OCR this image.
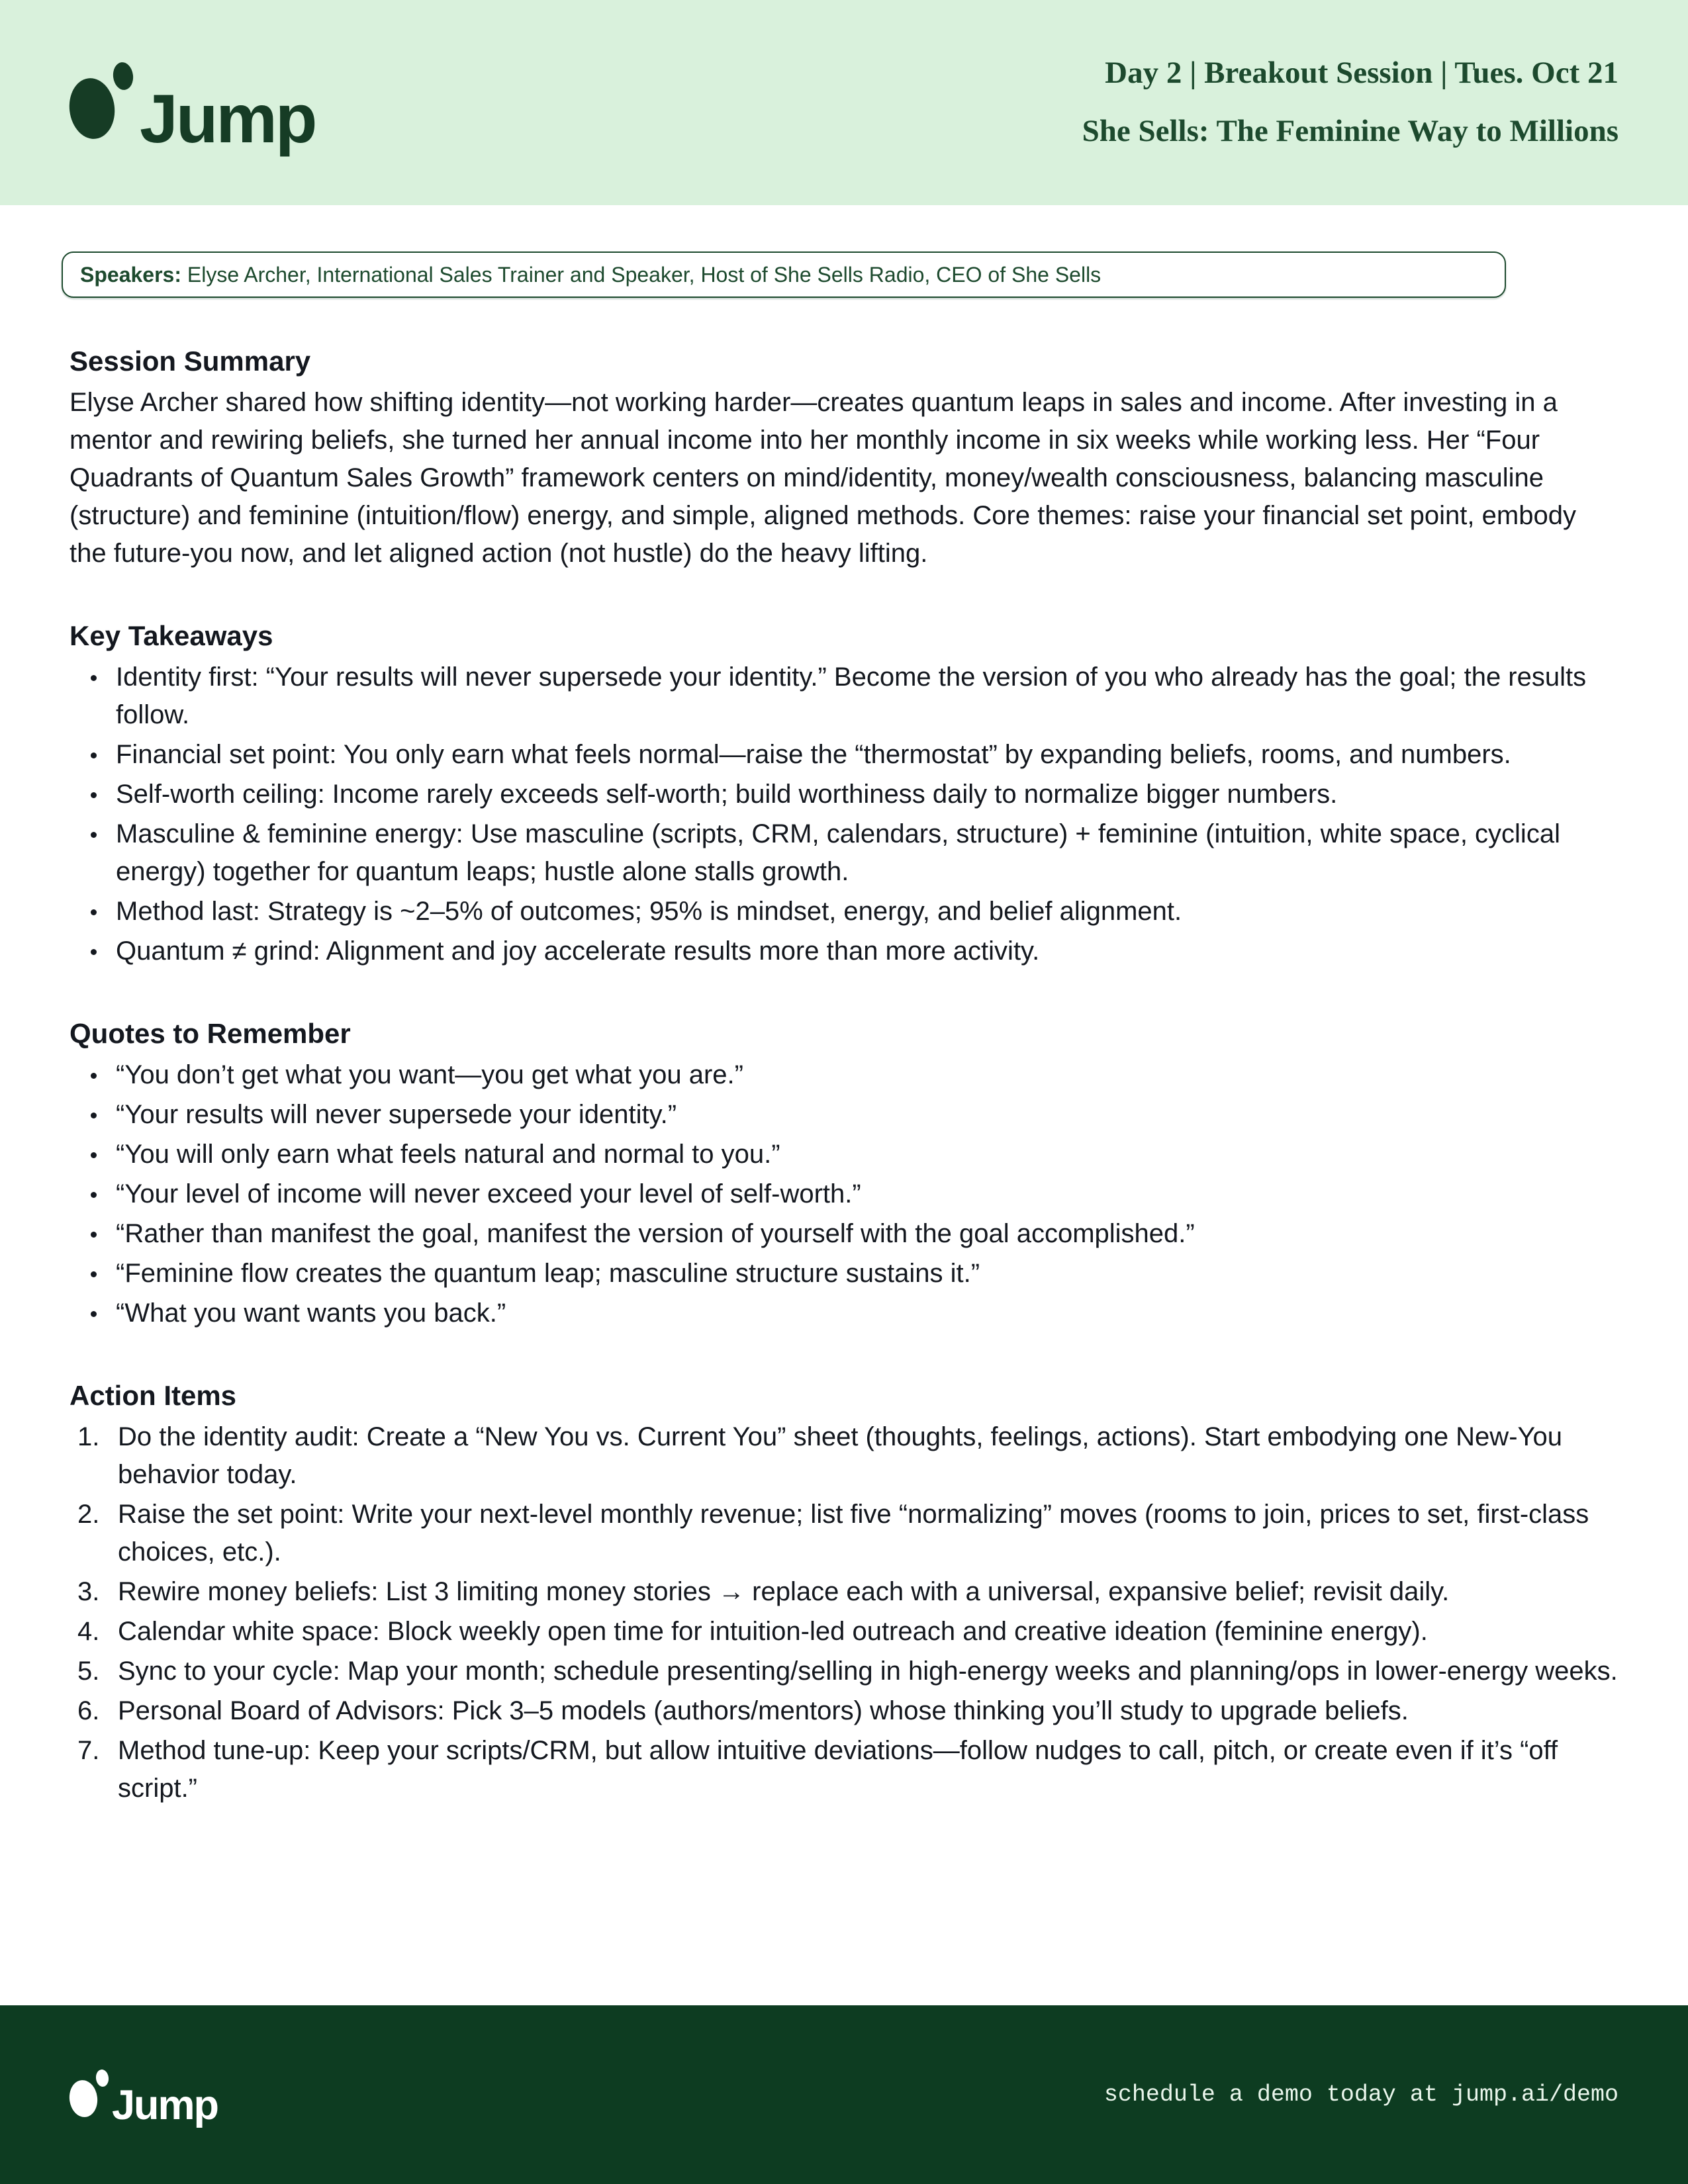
Jump
Day 2 | Breakout Session | Tues. Oct 21
She Sells: The Feminine Way to Millions
Speakers: Elyse Archer, International Sales Trainer and Speaker, Host of She Sells Radio, CEO of She Sells
Session Summary
Elyse Archer shared how shifting identity—not working harder—creates quantum leaps in sales and income. After investing in a mentor and rewiring beliefs, she turned her annual income into her monthly income in six weeks while working less. Her “Four Quadrants of Quantum Sales Growth” framework centers on mind/identity, money/wealth consciousness, balancing masculine (structure) and feminine (intuition/flow) energy, and simple, aligned methods. Core themes: raise your financial set point, embody the future-you now, and let aligned action (not hustle) do the heavy lifting.
Key Takeaways
Identity first: “Your results will never supersede your identity.” Become the version of you who already has the goal; the results follow.
Financial set point: You only earn what feels normal—raise the “thermostat” by expanding beliefs, rooms, and numbers.
Self-worth ceiling: Income rarely exceeds self-worth; build worthiness daily to normalize bigger numbers.
Masculine & feminine energy: Use masculine (scripts, CRM, calendars, structure) + feminine (intuition, white space, cyclical energy) together for quantum leaps; hustle alone stalls growth.
Method last: Strategy is ~2–5% of outcomes; 95% is mindset, energy, and belief alignment.
Quantum ≠ grind: Alignment and joy accelerate results more than more activity.
Quotes to Remember
“You don’t get what you want—you get what you are.”
“Your results will never supersede your identity.”
“You will only earn what feels natural and normal to you.”
“Your level of income will never exceed your level of self-worth.”
“Rather than manifest the goal, manifest the version of yourself with the goal accomplished.”
“Feminine flow creates the quantum leap; masculine structure sustains it.”
“What you want wants you back.”
Action Items
Do the identity audit: Create a “New You vs. Current You” sheet (thoughts, feelings, actions). Start embodying one New-You behavior today.
Raise the set point: Write your next-level monthly revenue; list five “normalizing” moves (rooms to join, prices to set, first-class choices, etc.).
Rewire money beliefs: List 3 limiting money stories → replace each with a universal, expansive belief; revisit daily.
Calendar white space: Block weekly open time for intuition-led outreach and creative ideation (feminine energy).
Sync to your cycle: Map your month; schedule presenting/selling in high-energy weeks and planning/ops in lower-energy weeks.
Personal Board of Advisors: Pick 3–5 models (authors/mentors) whose thinking you’ll study to upgrade beliefs.
Method tune-up: Keep your scripts/CRM, but allow intuitive deviations—follow nudges to call, pitch, or create even if it’s “off script.”
Jump	schedule a demo today at jump.ai/demo
